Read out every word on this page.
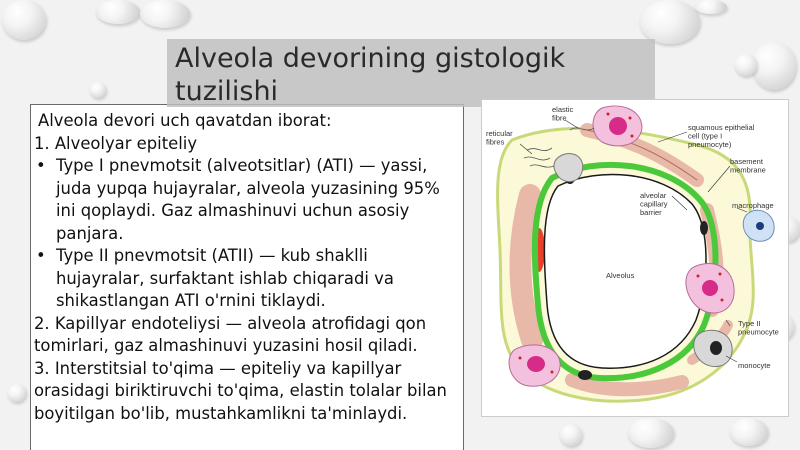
Alveola devori uch qavatdan iborat:

1. Alveolyar epiteliy

• Type I pnevmotsit (alveotsitlar) (ATI) — yassi, juda yupqa hujayralar, alveola yuzasining 95% ini qoplaydi. Gaz almashinuvi uchun asosiy panjara.

• Type II pnevmotsit (ATII) — kub shaklli hujayralar, surfaktant ishlab chiqaradi va shikastlangan ATI o'rnini tiklaydi.

2. Kapillyar endoteliysi — alveola atrofidagi qon tomirlari, gaz almashinuvi yuzasini hosil qiladi.

3. Interstitsial to'qima — epiteliy va kapillyar orasidagi biriktiruvchi to'qima, elastin tolalar bilan boyitilgan bo'lib, mustahkamlikni ta'minlaydi.

Alveola devorining gistologik tuzilishi
elastic fibre
reticular fibres
squamous epithelial cell (type I pneumocyte)
basement membrane
alveolar capillary barrier
macrophage
Alveolus
Type II pneumocyte
monocyte
